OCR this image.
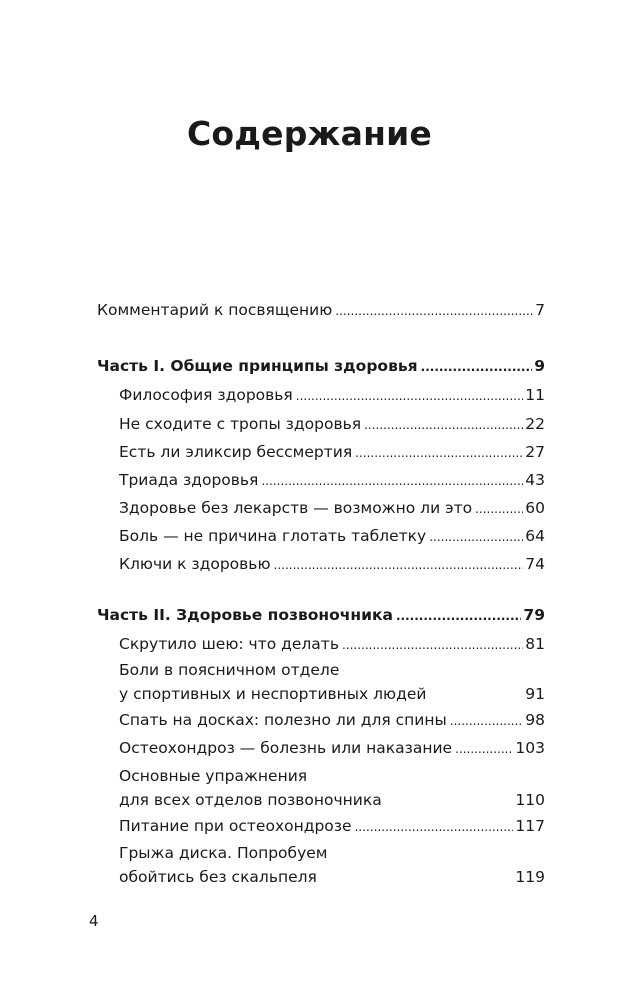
Содержание
Комментарий к посвящению .....	7
Часть I. Общие принципы здоровья .....	9
Философия здоровья .....	11
Не сходите с тропы здоровья .....	22
Есть ли эликсир бессмертия .....	27
Триада здоровья .....	43
Здоровье без лекарств — возможно ли это .....	60
Боль — не причина глотать таблетку .....	64
Ключи к здоровью .....	74
Часть II. Здоровье позвоночника .....	79
Скрутило шею: что делать .....	81
Боли в поясничном отделе
у спортивных и неспортивных людей	91
Спать на досках: полезно ли для спины .....	98
Остеохондроз — болезнь или наказание .....	103
Основные упражнения
для всех отделов позвоночника	110
Питание при остеохондрозе .....	117
Грыжа диска. Попробуем
обойтись без скальпеля	119
4
